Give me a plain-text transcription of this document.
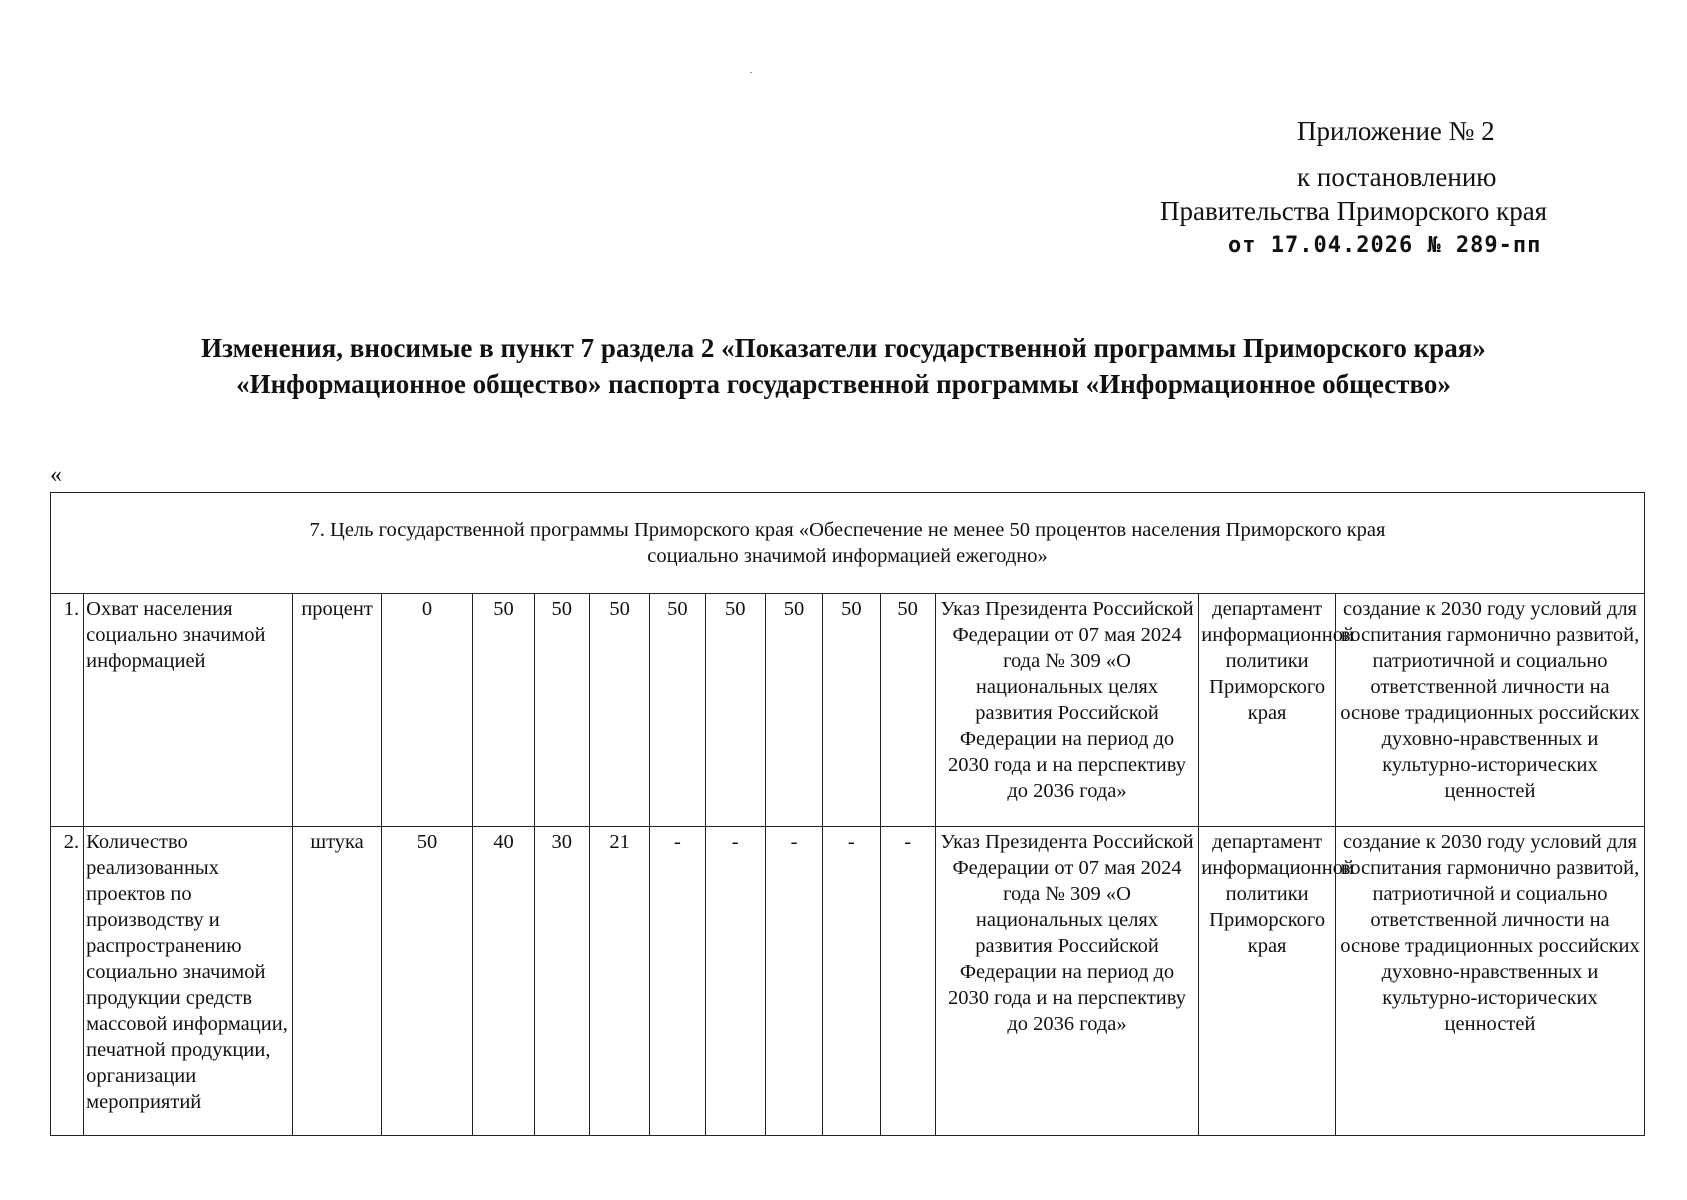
Приложение № 2
к постановлению
Правительства Приморского края
от 17.04.2026 № 289-пп
Изменения, вносимые в пункт 7 раздела 2 «Показатели государственной программы Приморского края»
«Информационное общество» паспорта государственной программы «Информационное общество»
«
7. Цель государственной программы Приморского края «Обеспечение не менее 50 процентов населения Приморского края
социально значимой информацией ежегодно»														

1.	Охват населения социально значимой информацией	процент	0	50	50	50	50	50	50	50	50	Указ Президента Российской Федерации от 07 мая 2024 года № 309 «О национальных целях развития Российской Федерации на период до 2030 года и на перспективу до 2036 года»	департамент информационной политики Приморского края	создание к 2030 году условий для воспитания гармонично развитой, патриотичной и социально ответственной личности на основе традиционных российских духовно-нравственных и культурно-исторических ценностей
2.	Количество реализованных проектов по производству и распространению социально значимой продукции средств массовой информации, печатной продукции, организации мероприятий	штука	50	40	30	21	-	-	-	-	-	Указ Президента Российской Федерации от 07 мая 2024 года № 309 «О национальных целях развития Российской Федерации на период до 2030 года и на перспективу до 2036 года»	департамент информационной политики Приморского края	создание к 2030 году условий для воспитания гармонично развитой, патриотичной и социально ответственной личности на основе традиционных российских духовно-нравственных и культурно-исторических ценностей
